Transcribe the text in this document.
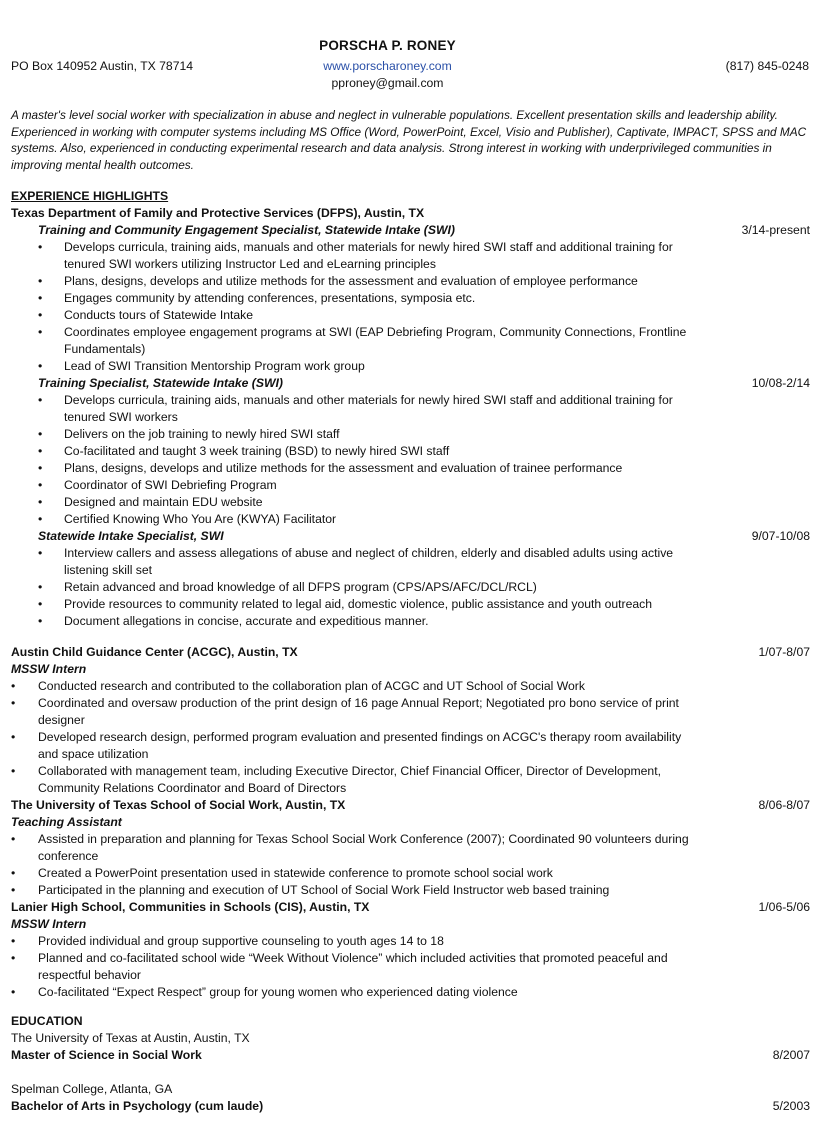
PORSCHA P. RONEY
PO Box 140952 Austin, TX 78714	www.porscharoney.com
pproney@gmail.com
(817) 845-0248
A master's level social worker with specialization in abuse and neglect in vulnerable populations. Excellent presentation skills and leadership ability. Experienced in working with computer systems including MS Office (Word, PowerPoint, Excel, Visio and Publisher), Captivate, IMPACT, SPSS and MAC systems. Also, experienced in conducting experimental research and data analysis. Strong interest in working with underprivileged communities in improving mental health outcomes.
EXPERIENCE HIGHLIGHTS
Texas Department of Family and Protective Services (DFPS), Austin, TX
Training and Community Engagement Specialist, Statewide Intake (SWI)	3/14-present
• Develops curricula, training aids, manuals and other materials for newly hired SWI staff and additional training for tenured SWI workers utilizing Instructor Led and eLearning principles
• Plans, designs, develops and utilize methods for the assessment and evaluation of employee performance
• Engages community by attending conferences, presentations, symposia etc.
• Conducts tours of Statewide Intake
• Coordinates employee engagement programs at SWI (EAP Debriefing Program, Community Connections, Frontline Fundamentals)
• Lead of SWI Transition Mentorship Program work group
Training Specialist, Statewide Intake (SWI)	10/08-2/14
• Develops curricula, training aids, manuals and other materials for newly hired SWI staff and additional training for tenured SWI workers
• Delivers on the job training to newly hired SWI staff
• Co-facilitated and taught 3 week training (BSD) to newly hired SWI staff
• Plans, designs, develops and utilize methods for the assessment and evaluation of trainee performance
• Coordinator of SWI Debriefing Program
• Designed and maintain EDU website
• Certified Knowing Who You Are (KWYA) Facilitator
Statewide Intake Specialist, SWI	9/07-10/08
• Interview callers and assess allegations of abuse and neglect of children, elderly and disabled adults using active listening skill set
• Retain advanced and broad knowledge of all DFPS program (CPS/APS/AFC/DCL/RCL)
• Provide resources to community related to legal aid, domestic violence, public assistance and youth outreach
• Document allegations in concise, accurate and expeditious manner.
Austin Child Guidance Center (ACGC), Austin, TX	1/07-8/07
MSSW Intern
• Conducted research and contributed to the collaboration plan of ACGC and UT School of Social Work
• Coordinated and oversaw production of the print design of 16 page Annual Report; Negotiated pro bono service of print designer
• Developed research design, performed program evaluation and presented findings on ACGC's therapy room availability and space utilization
• Collaborated with management team, including Executive Director, Chief Financial Officer, Director of Development, Community Relations Coordinator and Board of Directors
The University of Texas School of Social Work, Austin, TX	8/06-8/07
Teaching Assistant
• Assisted in preparation and planning for Texas School Social Work Conference (2007); Coordinated 90 volunteers during conference
• Created a PowerPoint presentation used in statewide conference to promote school social work
• Participated in the planning and execution of UT School of Social Work Field Instructor web based training
Lanier High School, Communities in Schools (CIS), Austin, TX	1/06-5/06
MSSW Intern
• Provided individual and group supportive counseling to youth ages 14 to 18
• Planned and co-facilitated school wide “Week Without Violence” which included activities that promoted peaceful and respectful behavior
• Co-facilitated “Expect Respect” group for young women who experienced dating violence
EDUCATION
The University of Texas at Austin, Austin, TX
Master of Science in Social Work	8/2007
Spelman College, Atlanta, GA
Bachelor of Arts in Psychology (cum laude)	5/2003
